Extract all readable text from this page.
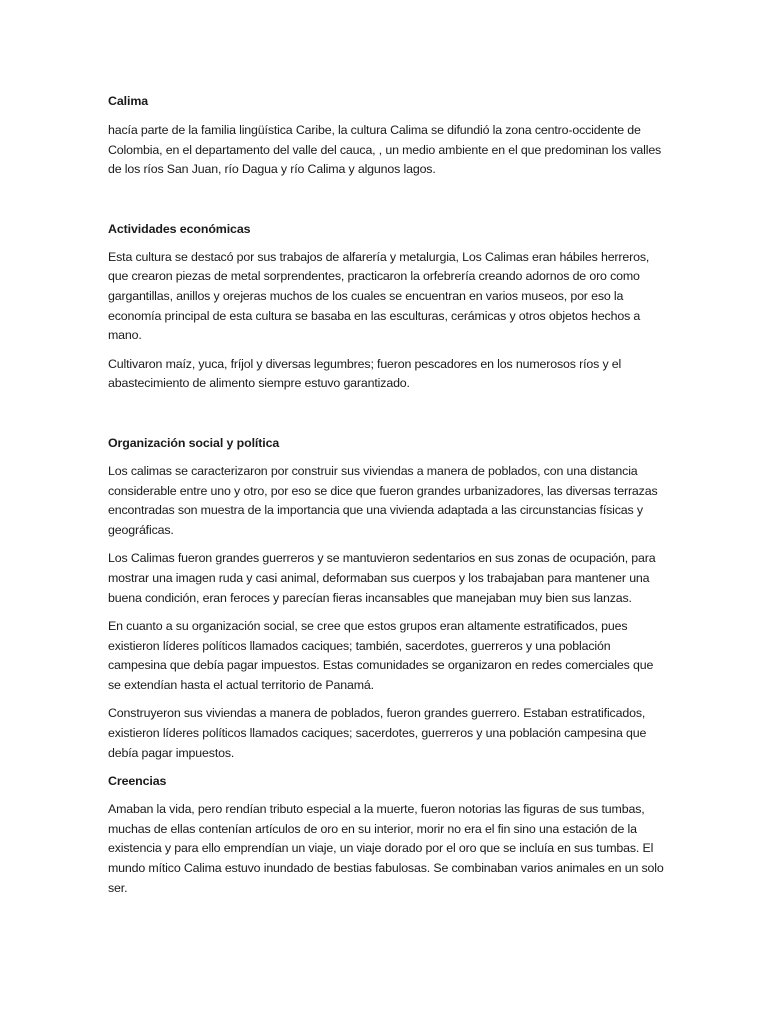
Calima

hacía parte de la familia lingüística Caribe, la cultura Calima se difundió la zona centro-occidente de Colombia, en el departamento del valle del cauca, , un medio ambiente en el que predominan los valles de los ríos San Juan, río Dagua y río Calima y algunos lagos.

Actividades económicas

Esta cultura se destacó por sus trabajos de alfarería y metalurgia, Los Calimas eran hábiles herreros, que crearon piezas de metal sorprendentes, practicaron la orfebrería creando adornos de oro como gargantillas, anillos y orejeras muchos de los cuales se encuentran en varios museos, por eso la economía principal de esta cultura se basaba en las esculturas, cerámicas y otros objetos hechos a mano.

Cultivaron maíz, yuca, fríjol y diversas legumbres; fueron pescadores en los numerosos ríos y el abastecimiento de alimento siempre estuvo garantizado.

Organización social y política

Los calimas se caracterizaron por construir sus viviendas a manera de poblados, con una distancia considerable entre uno y otro, por eso se dice que fueron grandes urbanizadores, las diversas terrazas encontradas son muestra de la importancia que una vivienda adaptada a las circunstancias físicas y geográficas.

Los Calimas fueron grandes guerreros y se mantuvieron sedentarios en sus zonas de ocupación, para mostrar una imagen ruda y casi animal, deformaban sus cuerpos y los trabajaban para mantener una buena condición, eran feroces y parecían fieras incansables que manejaban muy bien sus lanzas.

En cuanto a su organización social, se cree que estos grupos eran altamente estratificados, pues existieron líderes políticos llamados caciques; también, sacerdotes, guerreros y una población campesina que debía pagar impuestos. Estas comunidades se organizaron en redes comerciales que se extendían hasta el actual territorio de Panamá.

Construyeron sus viviendas a manera de poblados, fueron grandes guerrero. Estaban estratificados, existieron líderes políticos llamados caciques; sacerdotes, guerreros y una población campesina que debía pagar impuestos.

Creencias

Amaban la vida, pero rendían tributo especial a la muerte, fueron notorias las figuras de sus tumbas, muchas de ellas contenían artículos de oro en su interior, morir no era el fin sino una estación de la existencia y para ello emprendían un viaje, un viaje dorado por el oro que se incluía en sus tumbas. El mundo mítico Calima estuvo inundado de bestias fabulosas. Se combinaban varios animales en un solo ser.
